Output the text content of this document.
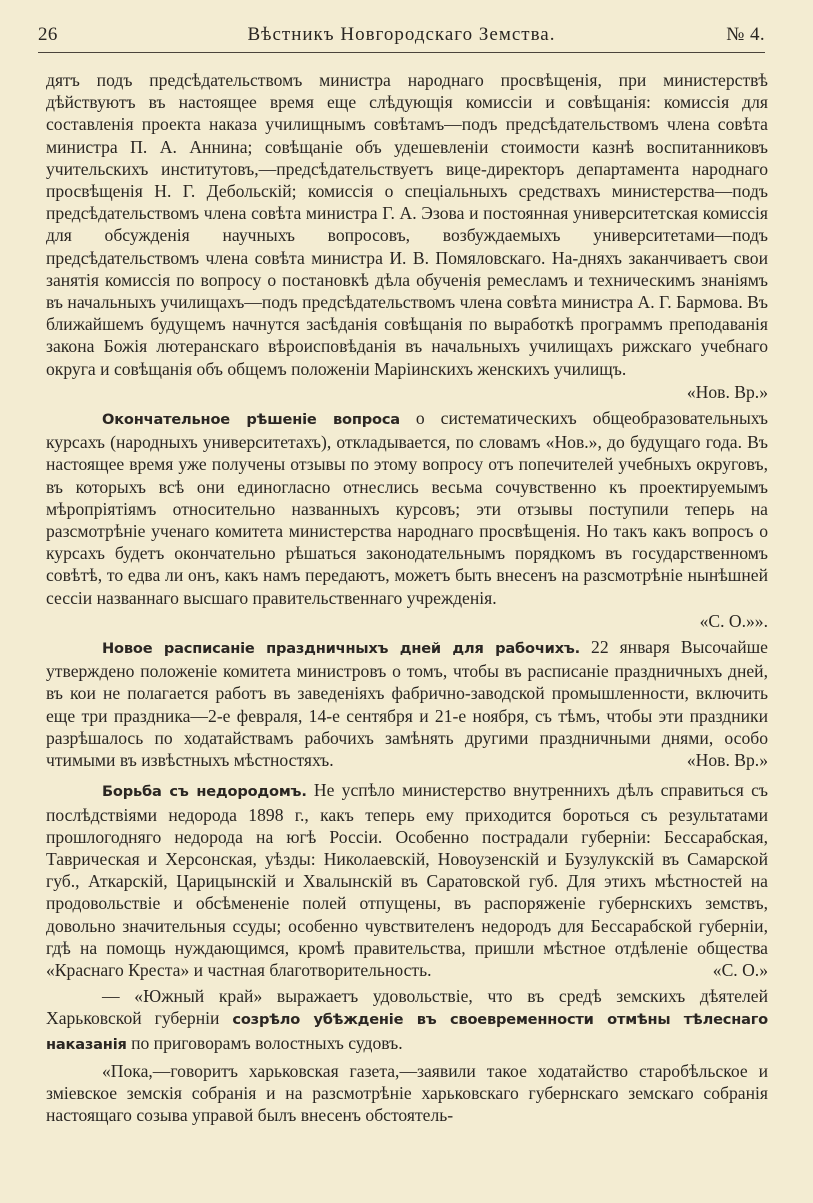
26	Вѣстникъ Новгородскаго Земства.	№ 4.

дятъ подъ предсѣдательствомъ министра народнаго просвѣщенія, при министерствѣ дѣйствуютъ въ настоящее время еще слѣдующія комиссіи и совѣщанія: комиссія для составленія проекта наказа училищнымъ совѣтамъ—подъ предсѣдательствомъ члена совѣта министра П. А. Аннина; совѣщаніе объ удешевленіи стоимости казнѣ воспитанниковъ учительскихъ институтовъ,—предсѣдательствуетъ вице-директоръ департамента народнаго просвѣщенія Н. Г. Дебольскій; комиссія о спеціальныхъ средствахъ министерства—подъ предсѣдательствомъ члена совѣта министра Г. А. Эзова и постоянная университетская комиссія для обсужденія научныхъ вопросовъ, возбуждаемыхъ университетами—подъ предсѣдательствомъ члена совѣта министра И. В. Помяловскаго. На-дняхъ заканчиваетъ свои занятія комиссія по вопросу о постановкѣ дѣла обученія ремесламъ и техническимъ знаніямъ въ начальныхъ училищахъ—подъ предсѣдательствомъ члена совѣта министра А. Г. Бармова. Въ ближайшемъ будущемъ начнутся засѣданія совѣщанія по выработкѣ программъ преподаванія закона Божія лютеранскаго вѣроисповѣданія въ начальныхъ училищахъ рижскаго учебнаго округа и совѣщанія объ общемъ положеніи Маріинскихъ женскихъ училищъ.

«Нов. Вр.»

Окончательное рѣшеніе вопроса о систематическихъ общеобразовательныхъ курсахъ (народныхъ университетахъ), откладывается, по словамъ «Нов.», до будущаго года. Въ настоящее время уже получены отзывы по этому вопросу отъ попечителей учебныхъ округовъ, въ которыхъ всѣ они единогласно отнеслись весьма сочувственно къ проектируемымъ мѣропріятіямъ относительно названныхъ курсовъ; эти отзывы поступили теперь на разсмотрѣніе ученаго комитета министерства народнаго просвѣщенія. Но такъ какъ вопросъ о курсахъ будетъ окончательно рѣшаться законодательнымъ порядкомъ въ государственномъ совѣтѣ, то едва ли онъ, какъ намъ передаютъ, можетъ быть внесенъ на разсмотрѣніе нынѣшней сессіи названнаго высшаго правительственнаго учрежденія.

«С. О.»».

Новое расписаніе праздничныхъ дней для рабочихъ. 22 января Высочайше утверждено положеніе комитета министровъ о томъ, чтобы въ расписаніе праздничныхъ дней, въ кои не полагается работъ въ заведеніяхъ фабрично-заводской промышленности, включить еще три праздника—2-е февраля, 14-е сентября и 21-е ноября, съ тѣмъ, чтобы эти праздники разрѣшалось по ходатайствамъ рабочихъ замѣнять другими праздничными днями, особо чтимыми въ извѣстныхъ мѣстностяхъ.	«Нов. Вр.»

Борьба съ недородомъ. Не успѣло министерство внутреннихъ дѣлъ справиться съ послѣдствіями недорода 1898 г., какъ теперь ему приходится бороться съ результатами прошлогодняго недорода на югѣ Россіи. Особенно пострадали губерніи: Бессарабская, Таврическая и Херсонская, уѣзды: Николаевскій, Новоузенскій и Бузулукскій въ Самарской губ., Аткарскій, Царицынскій и Хвалынскій въ Саратовской губ. Для этихъ мѣстностей на продовольствіе и обсѣмененіе полей отпущены, въ распоряженіе губернскихъ земствъ, довольно значительныя ссуды; особенно чувствителенъ недородъ для Бессарабской губерніи, гдѣ на помощь нуждающимся, кромѣ правительства, пришли мѣстное отдѣленіе общества «Краснаго Креста» и частная благотворительность.	«С. О.»

— «Южный край» выражаетъ удовольствіе, что въ средѣ земскихъ дѣятелей Харьковской губерніи созрѣло убѣжденіе въ своевременности отмѣны тѣлеснаго наказанія по приговорамъ волостныхъ судовъ.

«Пока,—говоритъ харьковская газета,—заявили такое ходатайство старобѣльское и зміевское земскія собранія и на разсмотрѣніе харьковскаго губернскаго земскаго собранія настоящаго созыва управой былъ внесенъ обстоятель-
